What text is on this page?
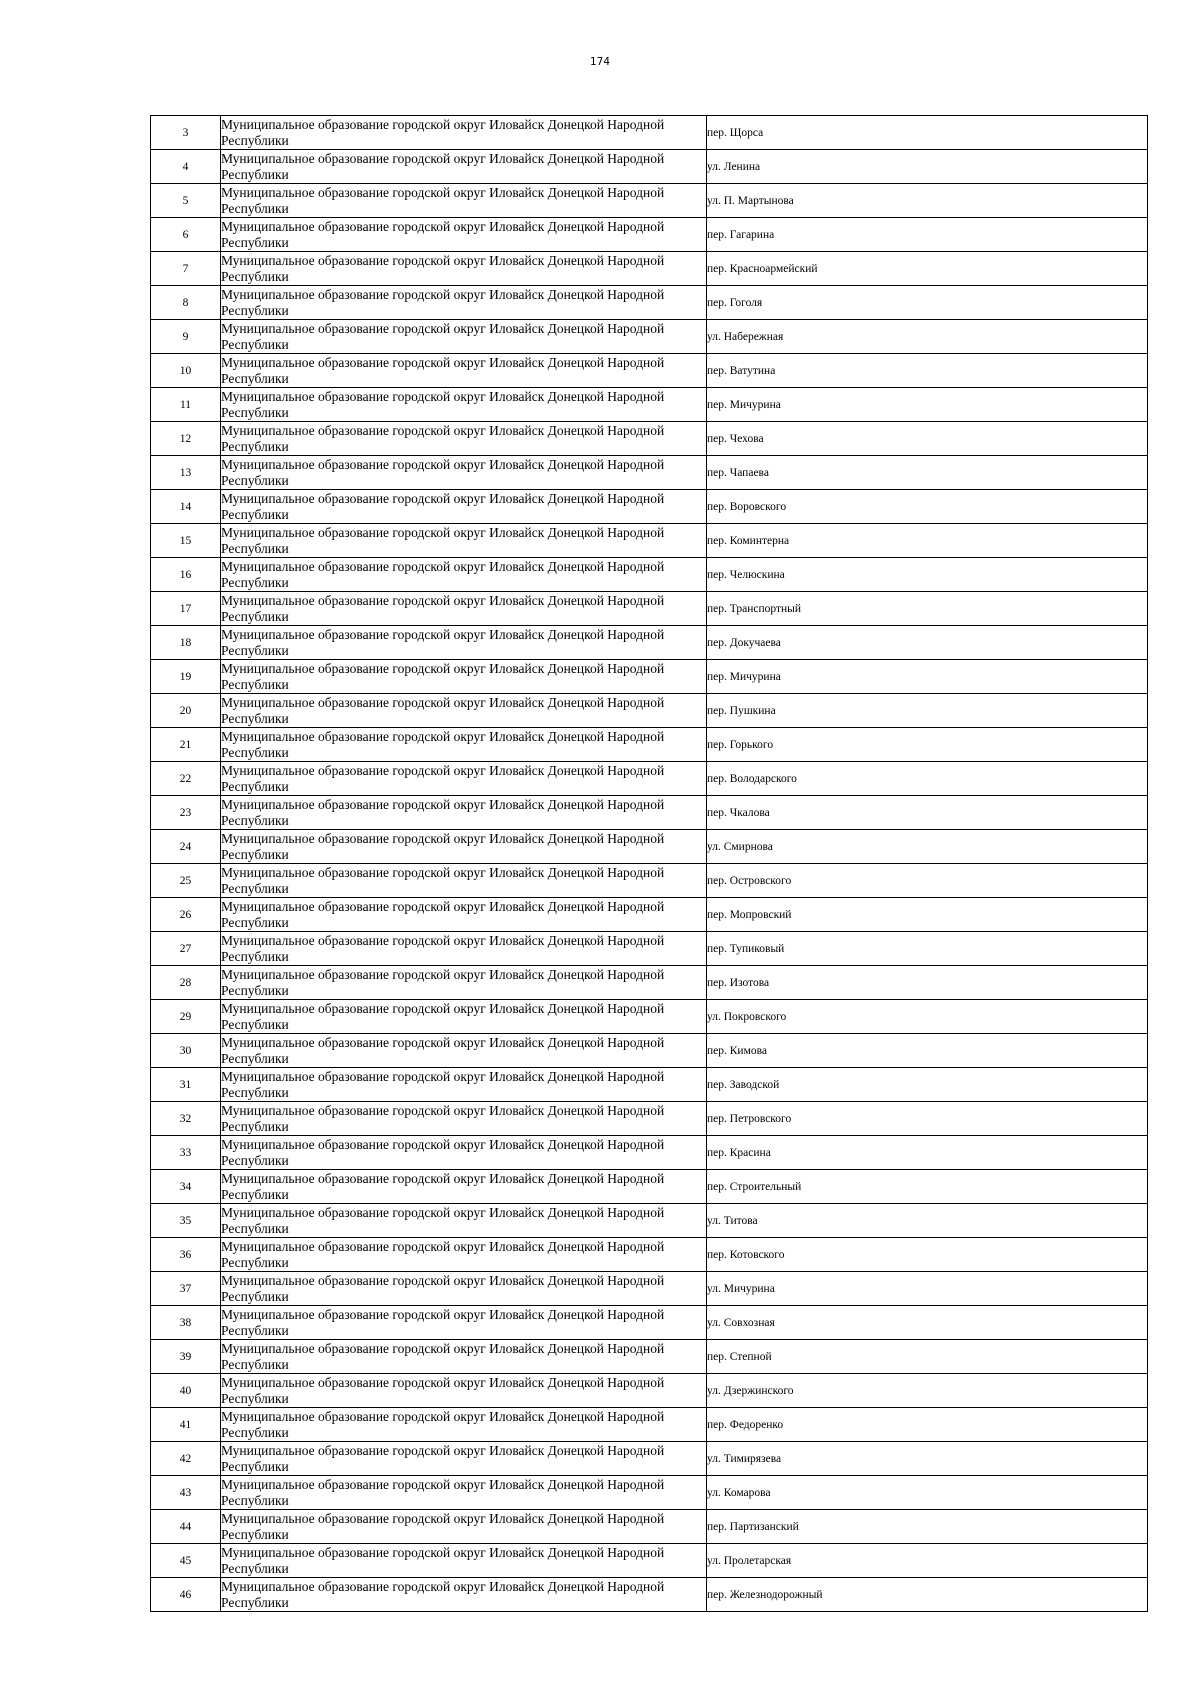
174
3	Муниципальное образование городской округ Иловайск Донецкой Народной Республики	пер. Щорса
4	Муниципальное образование городской округ Иловайск Донецкой Народной Республики	ул. Ленина
5	Муниципальное образование городской округ Иловайск Донецкой Народной Республики	ул. П. Мартынова
6	Муниципальное образование городской округ Иловайск Донецкой Народной Республики	пер. Гагарина
7	Муниципальное образование городской округ Иловайск Донецкой Народной Республики	пер. Красноармейский
8	Муниципальное образование городской округ Иловайск Донецкой Народной Республики	пер. Гоголя
9	Муниципальное образование городской округ Иловайск Донецкой Народной Республики	ул. Набережная
10	Муниципальное образование городской округ Иловайск Донецкой Народной Республики	пер. Ватутина
11	Муниципальное образование городской округ Иловайск Донецкой Народной Республики	пер. Мичурина
12	Муниципальное образование городской округ Иловайск Донецкой Народной Республики	пер. Чехова
13	Муниципальное образование городской округ Иловайск Донецкой Народной Республики	пер. Чапаева
14	Муниципальное образование городской округ Иловайск Донецкой Народной Республики	пер. Воровского
15	Муниципальное образование городской округ Иловайск Донецкой Народной Республики	пер. Коминтерна
16	Муниципальное образование городской округ Иловайск Донецкой Народной Республики	пер. Челюскина
17	Муниципальное образование городской округ Иловайск Донецкой Народной Республики	пер. Транспортный
18	Муниципальное образование городской округ Иловайск Донецкой Народной Республики	пер. Докучаева
19	Муниципальное образование городской округ Иловайск Донецкой Народной Республики	пер. Мичурина
20	Муниципальное образование городской округ Иловайск Донецкой Народной Республики	пер. Пушкина
21	Муниципальное образование городской округ Иловайск Донецкой Народной Республики	пер. Горького
22	Муниципальное образование городской округ Иловайск Донецкой Народной Республики	пер. Володарского
23	Муниципальное образование городской округ Иловайск Донецкой Народной Республики	пер. Чкалова
24	Муниципальное образование городской округ Иловайск Донецкой Народной Республики	ул. Смирнова
25	Муниципальное образование городской округ Иловайск Донецкой Народной Республики	пер. Островского
26	Муниципальное образование городской округ Иловайск Донецкой Народной Республики	пер. Мопровский
27	Муниципальное образование городской округ Иловайск Донецкой Народной Республики	пер. Тупиковый
28	Муниципальное образование городской округ Иловайск Донецкой Народной Республики	пер. Изотова
29	Муниципальное образование городской округ Иловайск Донецкой Народной Республики	ул. Покровского
30	Муниципальное образование городской округ Иловайск Донецкой Народной Республики	пер. Кимова
31	Муниципальное образование городской округ Иловайск Донецкой Народной Республики	пер. Заводской
32	Муниципальное образование городской округ Иловайск Донецкой Народной Республики	пер. Петровского
33	Муниципальное образование городской округ Иловайск Донецкой Народной Республики	пер. Красина
34	Муниципальное образование городской округ Иловайск Донецкой Народной Республики	пер. Строительный
35	Муниципальное образование городской округ Иловайск Донецкой Народной Республики	ул. Титова
36	Муниципальное образование городской округ Иловайск Донецкой Народной Республики	пер. Котовского
37	Муниципальное образование городской округ Иловайск Донецкой Народной Республики	ул. Мичурина
38	Муниципальное образование городской округ Иловайск Донецкой Народной Республики	ул. Совхозная
39	Муниципальное образование городской округ Иловайск Донецкой Народной Республики	пер. Степной
40	Муниципальное образование городской округ Иловайск Донецкой Народной Республики	ул. Дзержинского
41	Муниципальное образование городской округ Иловайск Донецкой Народной Республики	пер. Федоренко
42	Муниципальное образование городской округ Иловайск Донецкой Народной Республики	ул. Тимирязева
43	Муниципальное образование городской округ Иловайск Донецкой Народной Республики	ул. Комарова
44	Муниципальное образование городской округ Иловайск Донецкой Народной Республики	пер. Партизанский
45	Муниципальное образование городской округ Иловайск Донецкой Народной Республики	ул. Пролетарская
46	Муниципальное образование городской округ Иловайск Донецкой Народной Республики	пер. Железнодорожный
